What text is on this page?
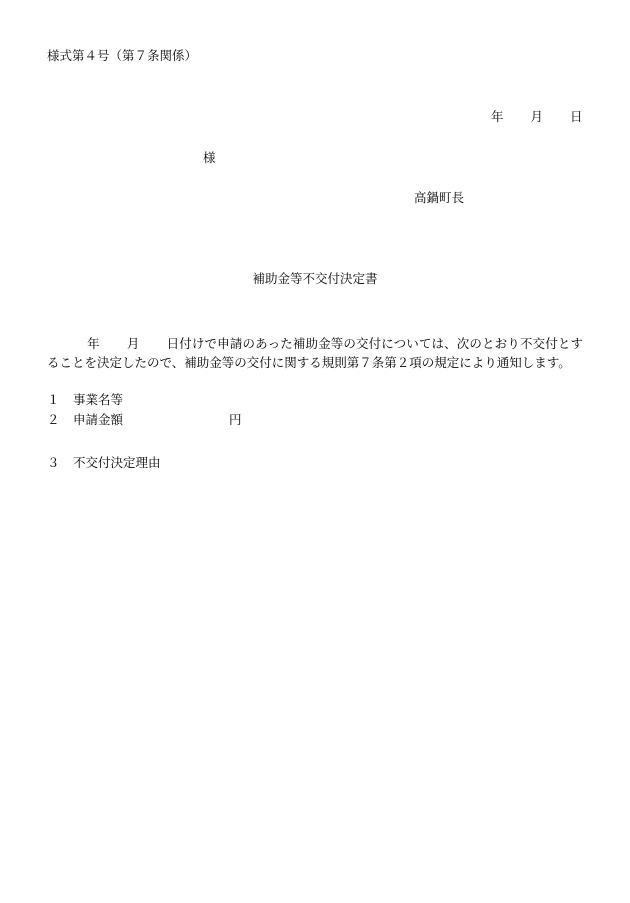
様式第４号（第７条関係）
年 月 日
様
高鍋町長
補助金等不交付決定書
年 月 日付けで申請のあった補助金等の交付については、次のとおり不交付とすることを決定したので、補助金等の交付に関する規則第７条第２項の規定により通知します。
１ 事業名等
２ 申請金額	円
３ 不交付決定理由
